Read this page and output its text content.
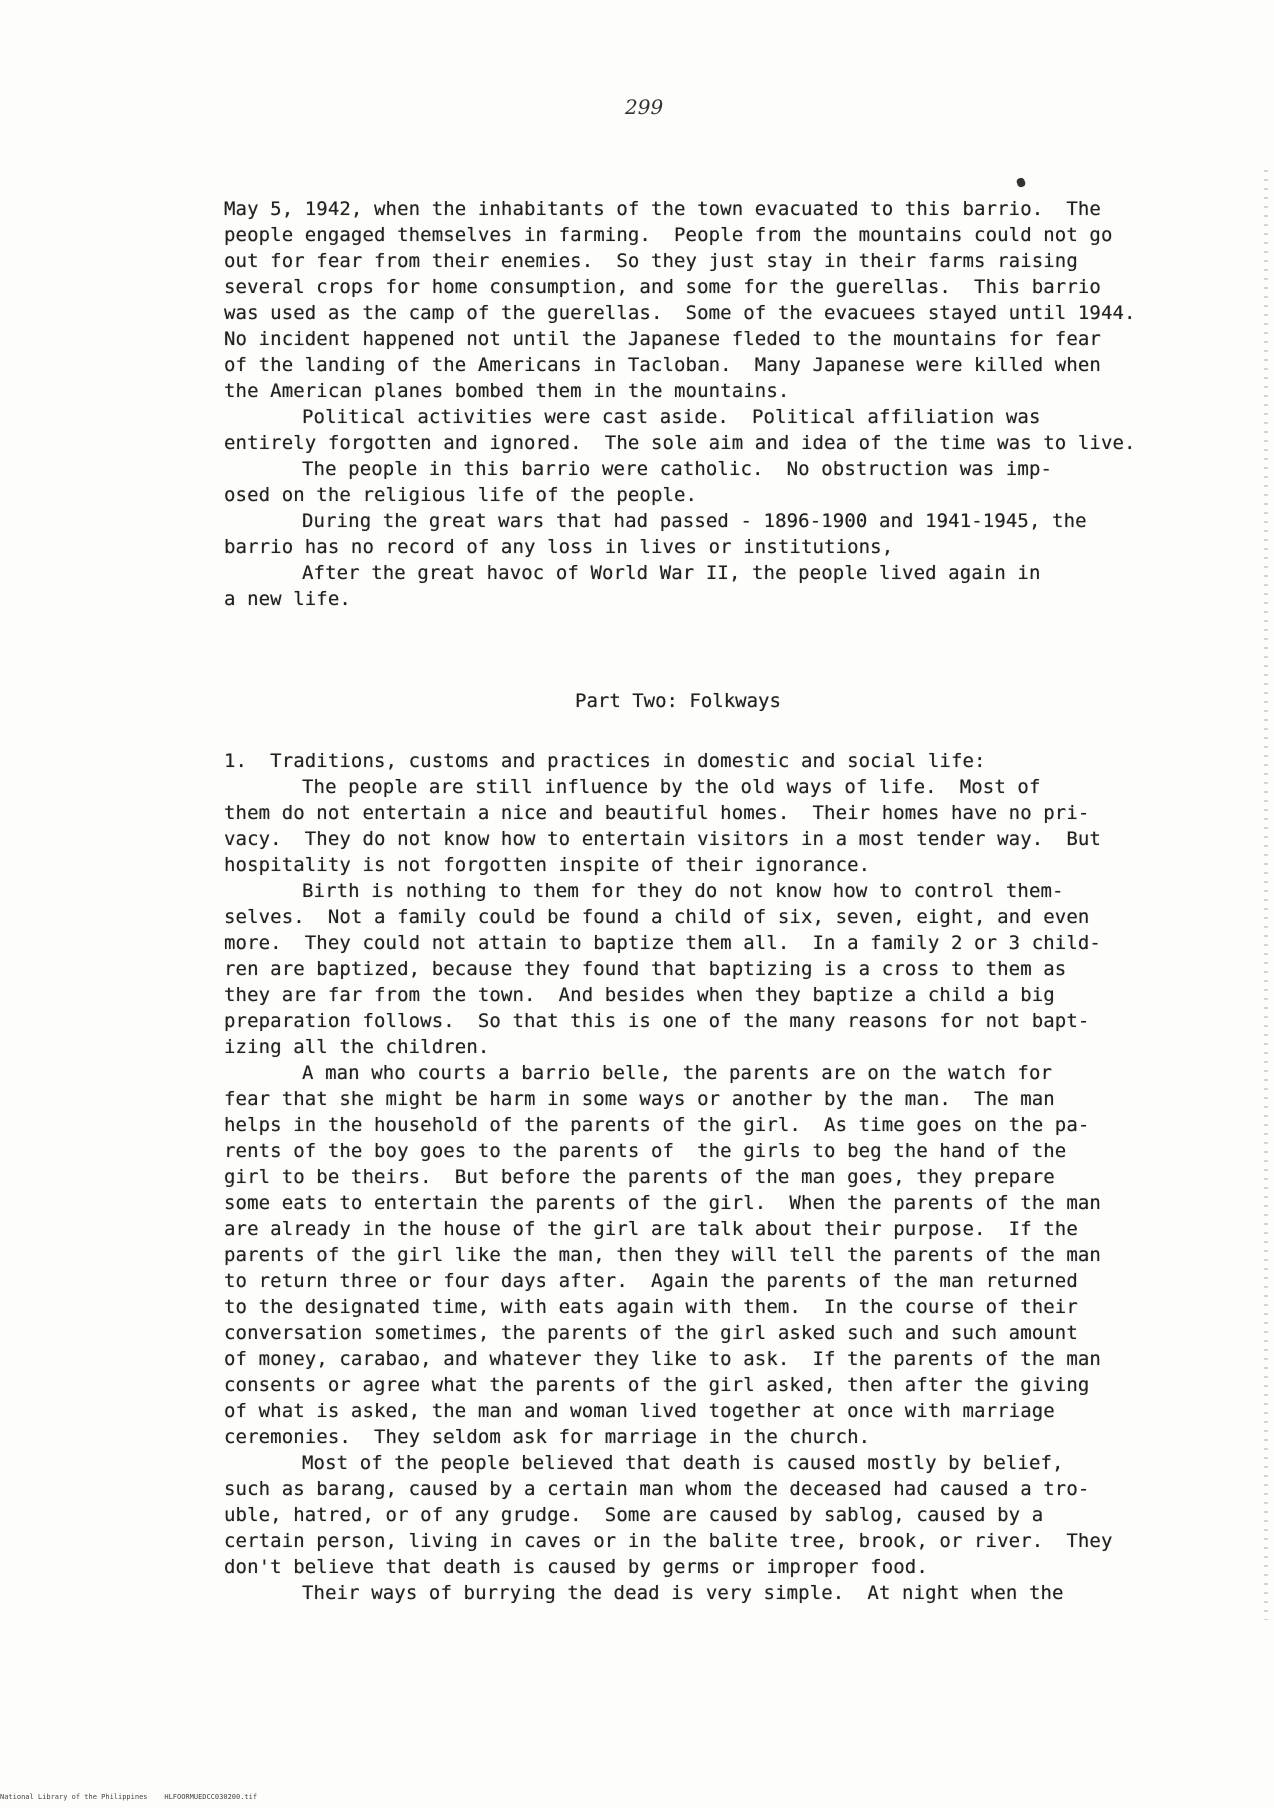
299
May 5, 1942, when the inhabitants of the town evacuated to this barrio.  The
people engaged themselves in farming.  People from the mountains could not go
out for fear from their enemies.  So they just stay in their farms raising
several crops for home consumption, and some for the guerellas.  This barrio
was used as the camp of the guerellas.  Some of the evacuees stayed until 1944.
No incident happened not until the Japanese fleded to the mountains for fear
of the landing of the Americans in Tacloban.  Many Japanese were killed when
the American planes bombed them in the mountains.
Political activities were cast aside.  Political affiliation was
entirely forgotten and ignored.  The sole aim and idea of the time was to live.
The people in this barrio were catholic.  No obstruction was imp-
osed on the religious life of the people.
During the great wars that had passed - 1896-1900 and 1941-1945, the
barrio has no record of any loss in lives or institutions,
After the great havoc of World War II, the people lived again in
a new life.
Part Two: Folkways
1.  Traditions, customs and practices in domestic and social life:
The people are still influence by the old ways of life.  Most of
them do not entertain a nice and beautiful homes.  Their homes have no pri-
vacy.  They do not know how to entertain visitors in a most tender way.  But
hospitality is not forgotten inspite of their ignorance.
Birth is nothing to them for they do not know how to control them-
selves.  Not a family could be found a child of six, seven, eight, and even
more.  They could not attain to baptize them all.  In a family 2 or 3 child-
ren are baptized, because they found that baptizing is a cross to them as
they are far from the town.  And besides when they baptize a child a big
preparation follows.  So that this is one of the many reasons for not bapt-
izing all the children.
A man who courts a barrio belle, the parents are on the watch for
fear that she might be harm in some ways or another by the man.  The man
helps in the household of the parents of the girl.  As time goes on the pa-
rents of the boy goes to the parents of  the girls to beg the hand of the
girl to be theirs.  But before the parents of the man goes, they prepare
some eats to entertain the parents of the girl.  When the parents of the man
are already in the house of the girl are talk about their purpose.  If the
parents of the girl like the man, then they will tell the parents of the man
to return three or four days after.  Again the parents of the man returned
to the designated time, with eats again with them.  In the course of their
conversation sometimes, the parents of the girl asked such and such amount
of money, carabao, and whatever they like to ask.  If the parents of the man
consents or agree what the parents of the girl asked, then after the giving
of what is asked, the man and woman lived together at once with marriage
ceremonies.  They seldom ask for marriage in the church.
Most of the people believed that death is caused mostly by belief,
such as barang, caused by a certain man whom the deceased had caused a tro-
uble, hatred, or of any grudge.  Some are caused by sablog, caused by a
certain person, living in caves or in the balite tree, brook, or river.  They
don't believe that death is caused by germs or improper food.
Their ways of burrying the dead is very simple.  At night when the
National Library of the Philippines    HLFOORMUEDCC030200.tif
